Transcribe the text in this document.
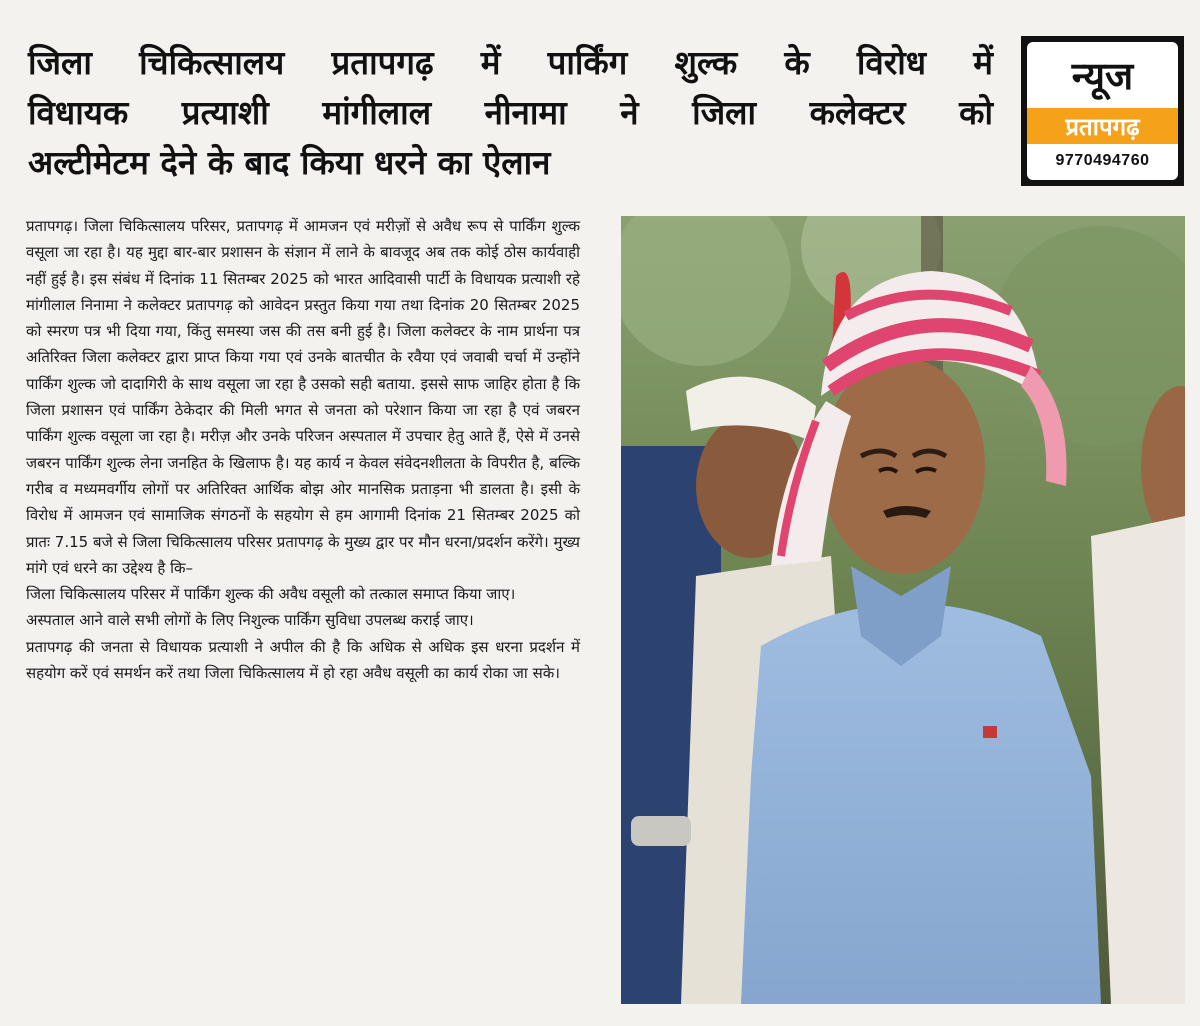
जिला चिकित्सालय प्रतापगढ़ में पार्किंग शुल्क के विरोध में
विधायक प्रत्याशी मांगीलाल नीनामा ने जिला कलेक्टर को
अल्टीमेटम देने के बाद किया धरने का ऐलान
न्यूज
प्रतापगढ़
9770494760

प्रतापगढ़। जिला चिकित्सालय परिसर, प्रतापगढ़ में आमजन एवं मरीज़ों से अवैध रूप से पार्किंग शुल्क वसूला जा रहा है। यह मुद्दा बार-बार प्रशासन के संज्ञान में लाने के बावजूद अब तक कोई ठोस कार्यवाही नहीं हुई है। इस संबंध में दिनांक 11 सितम्बर 2025 को भारत आदिवासी पार्टी के विधायक प्रत्याशी रहे मांगीलाल निनामा ने कलेक्टर प्रतापगढ़ को आवेदन प्रस्तुत किया गया तथा दिनांक 20 सितम्बर 2025 को स्मरण पत्र भी दिया गया, किंतु समस्या जस की तस बनी हुई है। जिला कलेक्टर के नाम प्रार्थना पत्र अतिरिक्त जिला कलेक्टर द्वारा प्राप्त किया गया एवं उनके बातचीत के रवैया एवं जवाबी चर्चा में उन्होंने पार्किंग शुल्क जो दादागिरी के साथ वसूला जा रहा है उसको सही बताया. इससे साफ जाहिर होता है कि जिला प्रशासन एवं पार्किंग ठेकेदार की मिली भगत से जनता को परेशान किया जा रहा है एवं जबरन पार्किंग शुल्क वसूला जा रहा है। मरीज़ और उनके परिजन अस्पताल में उपचार हेतु आते हैं, ऐसे में उनसे जबरन पार्किंग शुल्क लेना जनहित के खिलाफ है। यह कार्य न केवल संवेदनशीलता के विपरीत है, बल्कि गरीब व मध्यमवर्गीय लोगों पर अतिरिक्त आर्थिक बोझ ओर मानसिक प्रताड़ना भी डालता है। इसी के विरोध में आमजन एवं सामाजिक संगठनों के सहयोग से हम आगामी दिनांक 21 सितम्बर 2025 को प्रातः 7.15 बजे से जिला चिकित्सालय परिसर प्रतापगढ़ के मुख्य द्वार पर मौन धरना/प्रदर्शन करेंगे। मुख्य मांगे एवं धरने का उद्देश्य है कि–

जिला चिकित्सालय परिसर में पार्किंग शुल्क की अवैध वसूली को तत्काल समाप्त किया जाए।

अस्पताल आने वाले सभी लोगों के लिए निशुल्क पार्किंग सुविधा उपलब्ध कराई जाए।

प्रतापगढ़ की जनता से विधायक प्रत्याशी ने अपील की है कि अधिक से अधिक इस धरना प्रदर्शन में सहयोग करें एवं समर्थन करें तथा जिला चिकित्सालय में हो रहा अवैध वसूली का कार्य रोका जा सके।
